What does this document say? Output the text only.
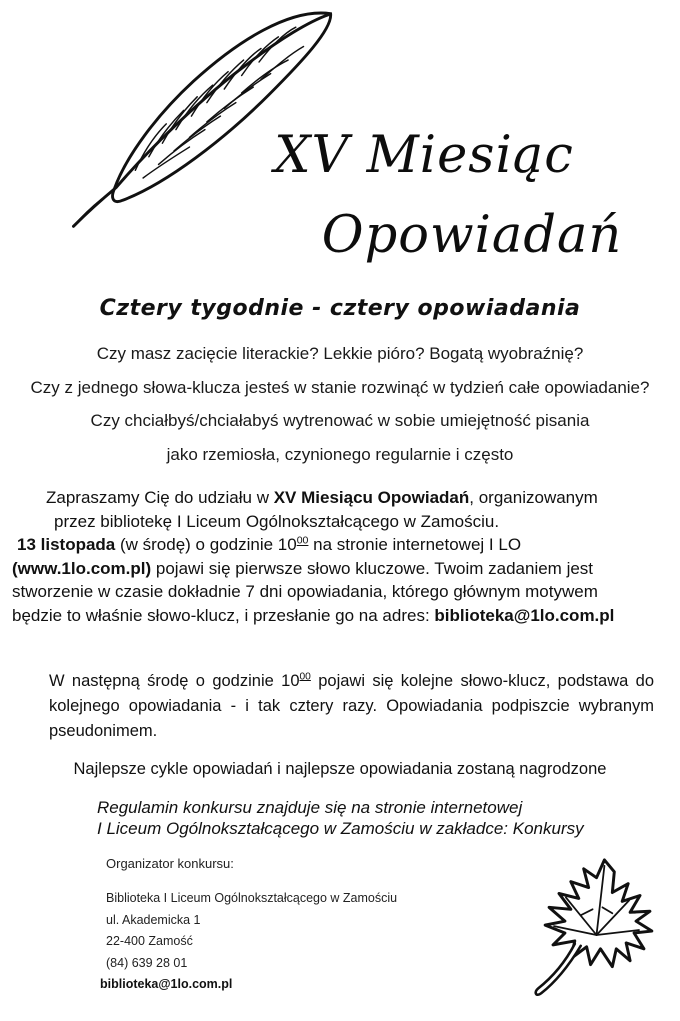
XV Miesiąc
Opowiadań
Cztery tygodnie - cztery opowiadania
Czy masz zacięcie literackie? Lekkie pióro? Bogatą wyobraźnię?
Czy z jednego słowa-klucza jesteś w stanie rozwinąć w tydzień całe opowiadanie?
Czy chciałbyś/chciałabyś wytrenować w sobie umiejętność pisania
jako rzemiosła, czynionego regularnie i często
Zapraszamy Cię do udziału w XV Miesiącu Opowiadań, organizowanym
przez bibliotekę I Liceum Ogólnokształcącego w Zamościu.
13 listopada (w środę) o godzinie $10^{00}$ na stronie internetowej I LO
(www.1lo.com.pl) pojawi się pierwsze słowo kluczowe. Twoim zadaniem jest
stworzenie w czasie dokładnie 7 dni opowiadania, którego głównym motywem
będzie to właśnie słowo-klucz, i przesłanie go na adres: biblioteka@1lo.com.pl

W następną środę o godzinie $10^{00}$ pojawi się kolejne słowo-klucz, podstawa do kolejnego opowiadania - i tak cztery razy. Opowiadania podpiszcie wybranym pseudonimem.

Najlepsze cykle opowiadań i najlepsze opowiadania zostaną nagrodzone
Regulamin konkursu znajduje się na stronie internetowej
I Liceum Ogólnokształcącego w Zamościu w zakładce: Konkursy
Organizator konkursu:
Biblioteka I Liceum Ogólnokształcącego w Zamościu
ul. Akademicka 1
22-400 Zamość
(84) 639 28 01
biblioteka@1lo.com.pl
